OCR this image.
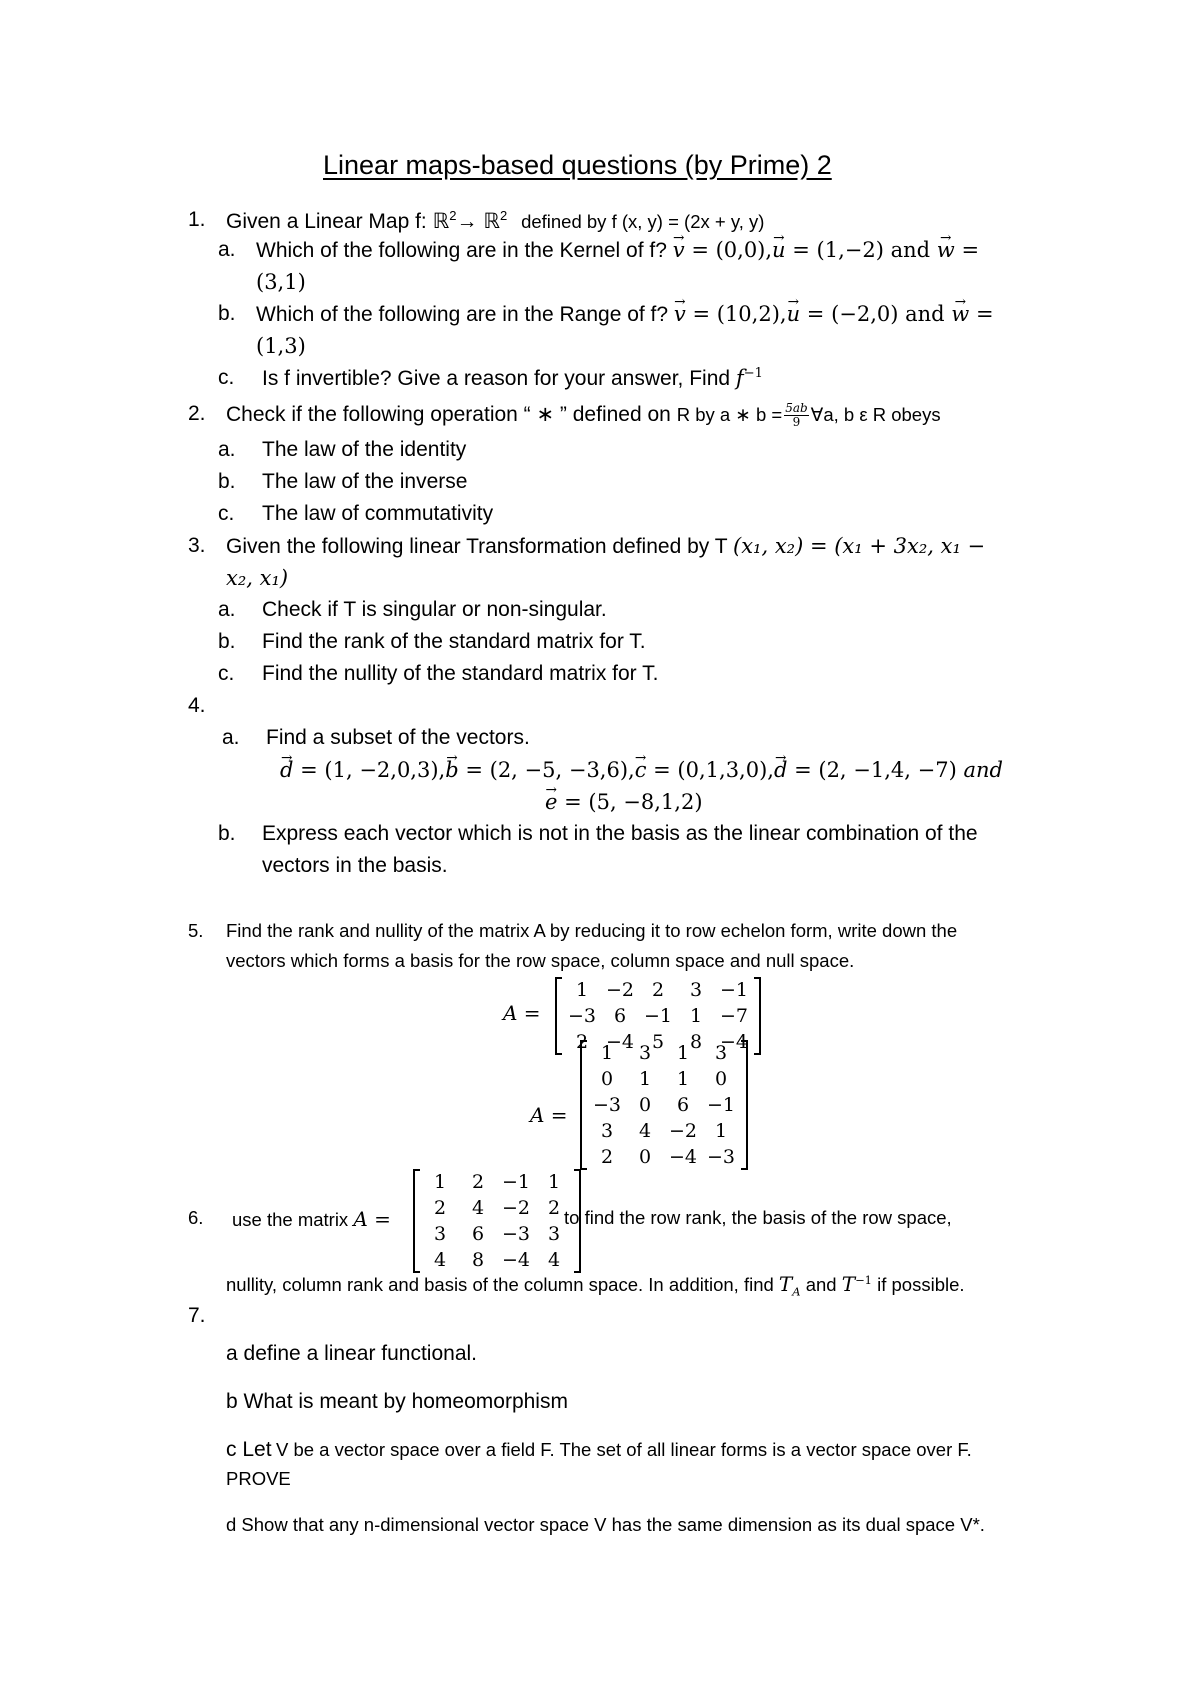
Linear maps-based questions (by Prime) 2
1. Given a Linear Map f: ℝ$^2$→ ℝ$^2$ defined by f (x, y) = (2x + y, y)
a. Which of the following are in the Kernel of f? → v = (0,0),→ u = (1,−2) and → w =
(3,1)
b. Which of the following are in the Range of f? → v = (10,2),→ u = (−2,0) and → w =
(1,3)
c. Is f invertible? Give a reason for your answer, Find $f^{-1}$
2. Check if the following operation “ ∗ ” defined on R by a ∗ $b = \frac{5ab}{9}$ ∀a, b ε R obeys
a. The law of the identity
b. The law of the inverse
c. The law of commutativity
3. Given the following linear Transformation defined by T (x₁, x₂) = (x₁ + 3x₂, x₁ −
x₂, x₁)
a. Check if T is singular or non-singular.
b. Find the rank of the standard matrix for T.
c. Find the nullity of the standard matrix for T.
4.
a. Find a subset of the vectors.
→ d = (1, −2,0,3),→ b = (2, −5, −3,6),→ c = (0,1,3,0),→ d = (2, −1,4, −7) and
→ e = (5, −8,1,2)
b. Express each vector which is not in the basis as the linear combination of the
vectors in the basis.
5. Find the rank and nullity of the matrix A by reducing it to row echelon form, write down the
vectors which forms a basis for the row space, column space and null space.
A =
1 −2 2	3 −1
−3 6 −1 1 −7
2 −4 5	8 −4
A =
1	3	1	3
0	1	1	0
−3 0	6 −1
3	4 −2 1
2	0 −4 −3
6. use the matrix A =
1	2 −1 1
2	4 −2 2
3	6 −3 3
4	8 −4 4
to find the row rank, the basis of the row space,
nullity, column rank and basis of the column space. In addition, find $T_A$ and $T^{-1}$ if possible.
7.
a define a linear functional.
b What is meant by homeomorphism
c Let V be a vector space over a field F. The set of all linear forms is a vector space over F.
PROVE
d Show that any n-dimensional vector space V has the same dimension as its dual space V*.
